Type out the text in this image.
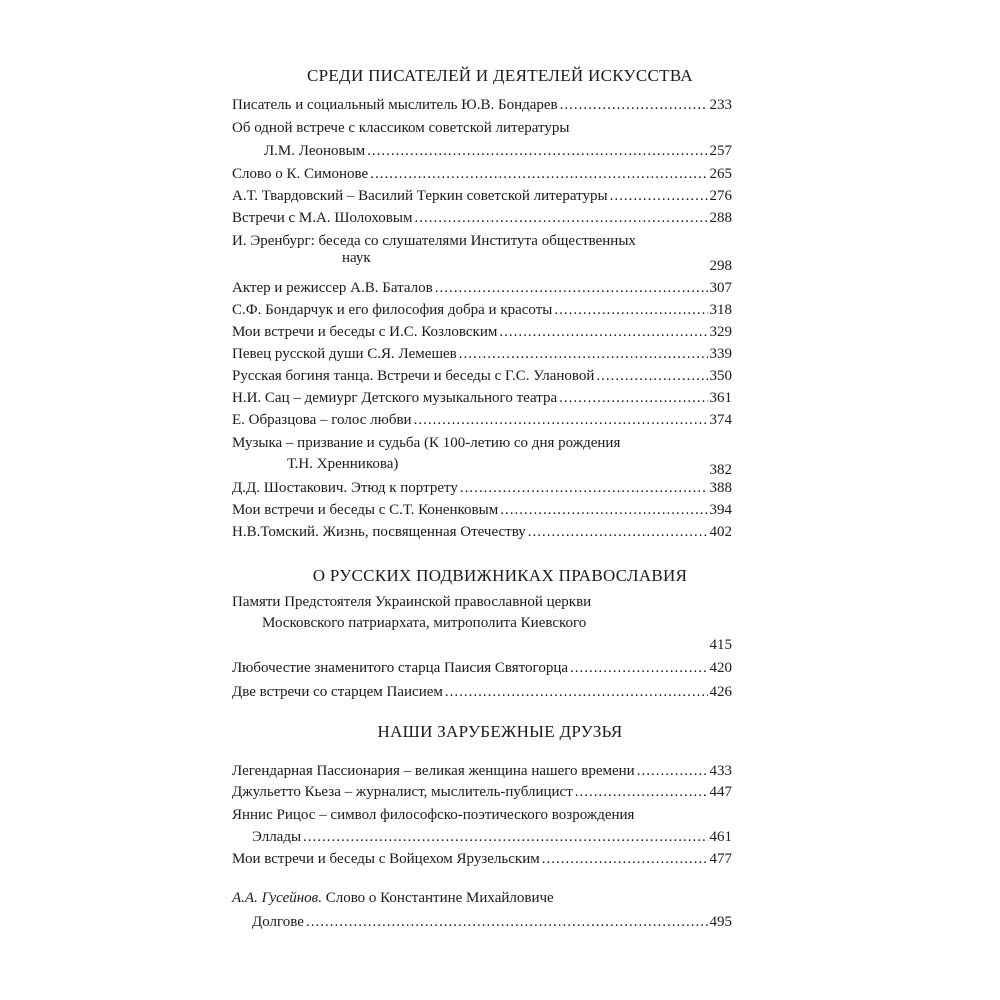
СРЕДИ ПИСАТЕЛЕЙ И ДЕЯТЕЛЕЙ ИСКУССТВА
Писатель и социальный мыслитель Ю.В. Бондарев .....	233
Об одной встрече с классиком советской литературы
Л.М. Леоновым .....	257
Слово о К. Симонове .....	265
А.Т. Твардовский – Василий Теркин советской литературы .....	276
Встречи с М.А. Шолоховым .....	288
И. Эренбург: беседа со слушателями Института общественных
наук	298
Актер и режиссер А.В. Баталов .....	307
С.Ф. Бондарчук и его философия добра и красоты .....	318
Мои встречи и беседы с И.С. Козловским .....	329
Певец русской души С.Я. Лемешев .....	339
Русская богиня танца. Встречи и беседы с Г.С. Улановой .....	350
Н.И. Сац – демиург Детского музыкального театра .....	361
Е. Образцова – голос любви .....	374
Музыка – призвание и судьба (К 100-летию со дня рождения
Т.Н. Хренникова)	382
Д.Д. Шостакович. Этюд к портрету .....	388
Мои встречи и беседы с С.Т. Коненковым .....	394
Н.В.Томский. Жизнь, посвященная Отечеству .....	402
О РУССКИХ ПОДВИЖНИКАХ ПРАВОСЛАВИЯ
Памяти Предстоятеля Украинской православной церкви
Московского патриархата, митрополита Киевского
415
Любочестие знаменитого старца Паисия Святогорца .....	420
Две встречи со старцем Паисием .....	426
НАШИ ЗАРУБЕЖНЫЕ ДРУЗЬЯ
Легендарная Пассионария – великая женщина нашего времени .....	433
Джульетто Кьеза – журналист, мыслитель-публицист .....	447
Яннис Рицос – символ философско-поэтического возрождения
Эллады .....	461
Мои встречи и беседы с Войцехом Ярузельским .....	477
А.А. Гусейнов. Слово о Константине Михайловиче
Долгове .....	495
